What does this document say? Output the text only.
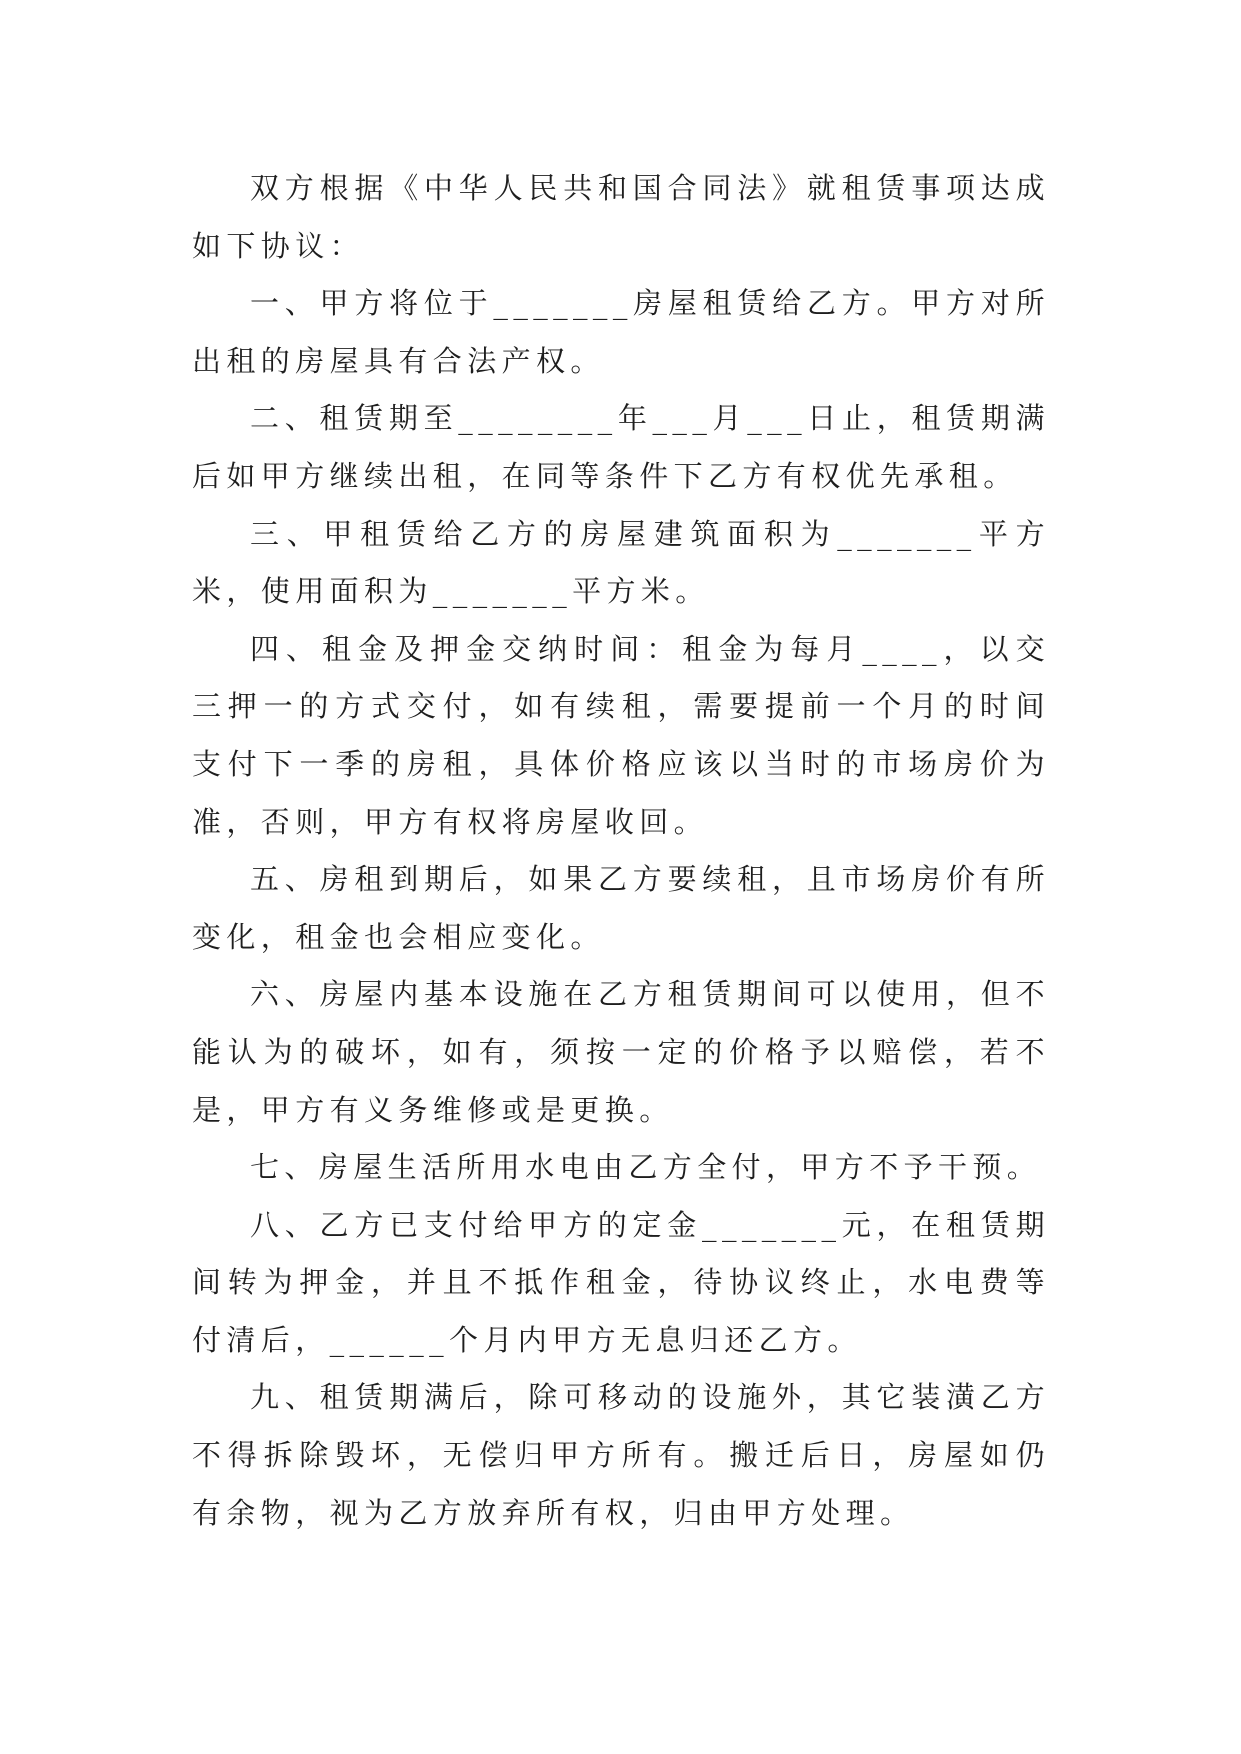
双方根据《中华人民共和国合同法》就租赁事项达成如下协议：

一、甲方将位于_______房屋租赁给乙方。甲方对所出租的房屋具有合法产权。

二、租赁期至________年___月___日止，租赁期满后如甲方继续出租，在同等条件下乙方有权优先承租。

三、甲租赁给乙方的房屋建筑面积为_______平方米，使用面积为_______平方米。

四、租金及押金交纳时间：租金为每月____，以交三押一的方式交付，如有续租，需要提前一个月的时间支付下一季的房租，具体价格应该以当时的市场房价为准，否则，甲方有权将房屋收回。

五、房租到期后，如果乙方要续租，且市场房价有所变化，租金也会相应变化。

六、房屋内基本设施在乙方租赁期间可以使用，但不能认为的破坏，如有，须按一定的价格予以赔偿，若不是，甲方有义务维修或是更换。

七、房屋生活所用水电由乙方全付，甲方不予干预。

八、乙方已支付给甲方的定金_______元，在租赁期间转为押金，并且不抵作租金，待协议终止，水电费等付清后，______个月内甲方无息归还乙方。

九、租赁期满后，除可移动的设施外，其它装潢乙方不得拆除毁坏，无偿归甲方所有。搬迁后日，房屋如仍有余物，视为乙方放弃所有权，归由甲方处理。
